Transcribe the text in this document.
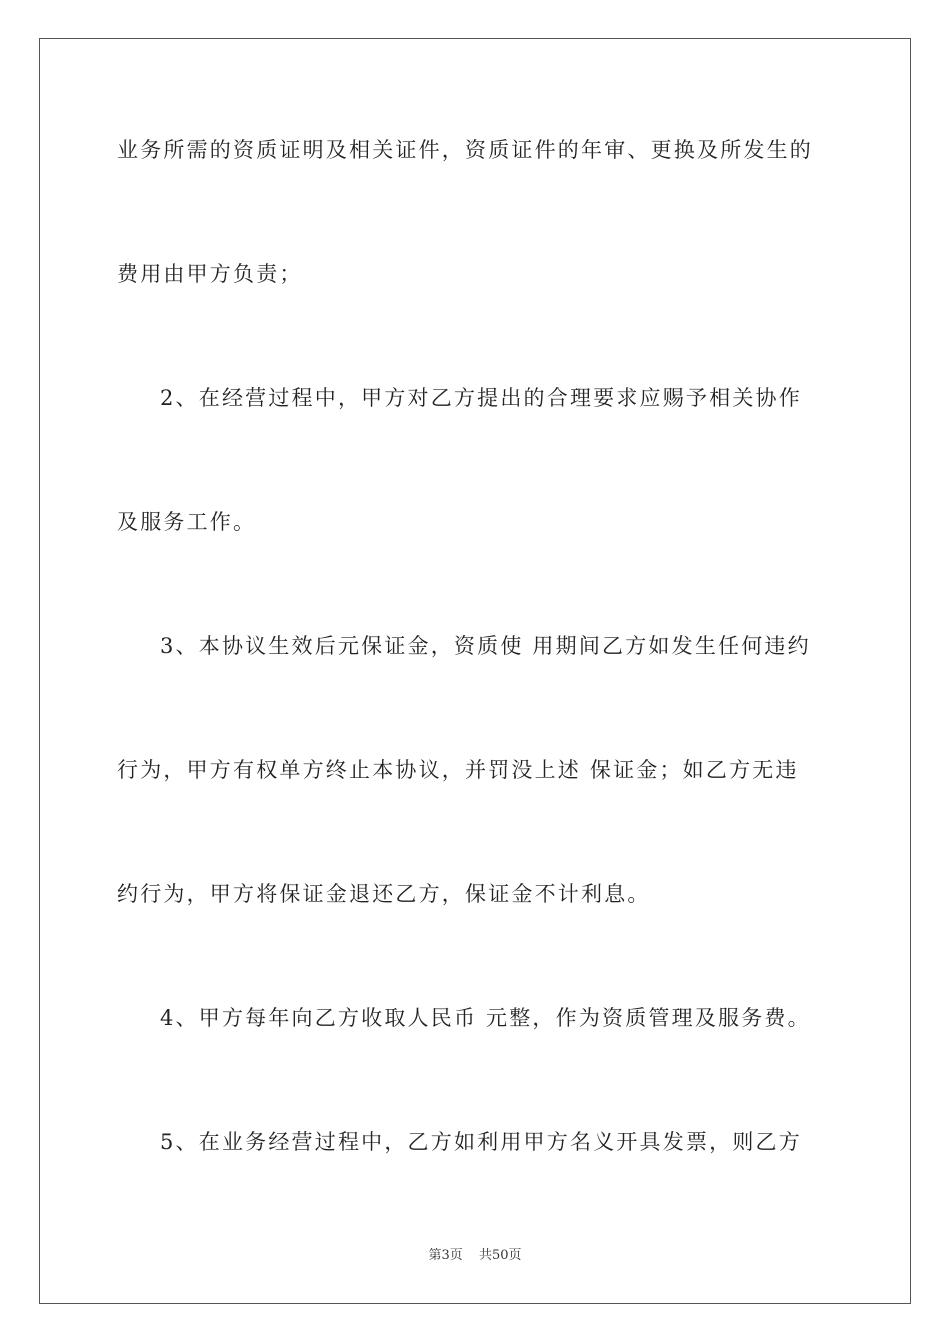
业务所需的资质证明及相关证件，资质证件的年审、更换及所发生的
费用由甲方负责；
2、在经营过程中，甲方对乙方提出的合理要求应赐予相关协作
及服务工作。
3、本协议生效后元保证金，资质使 用期间乙方如发生任何违约
行为，甲方有权单方终止本协议，并罚没上述 保证金；如乙方无违
约行为，甲方将保证金退还乙方，保证金不计利息。
4、甲方每年向乙方收取人民币 元整，作为资质管理及服务费。
5、在业务经营过程中，乙方如利用甲方名义开具发票，则乙方
第3页 共50页
